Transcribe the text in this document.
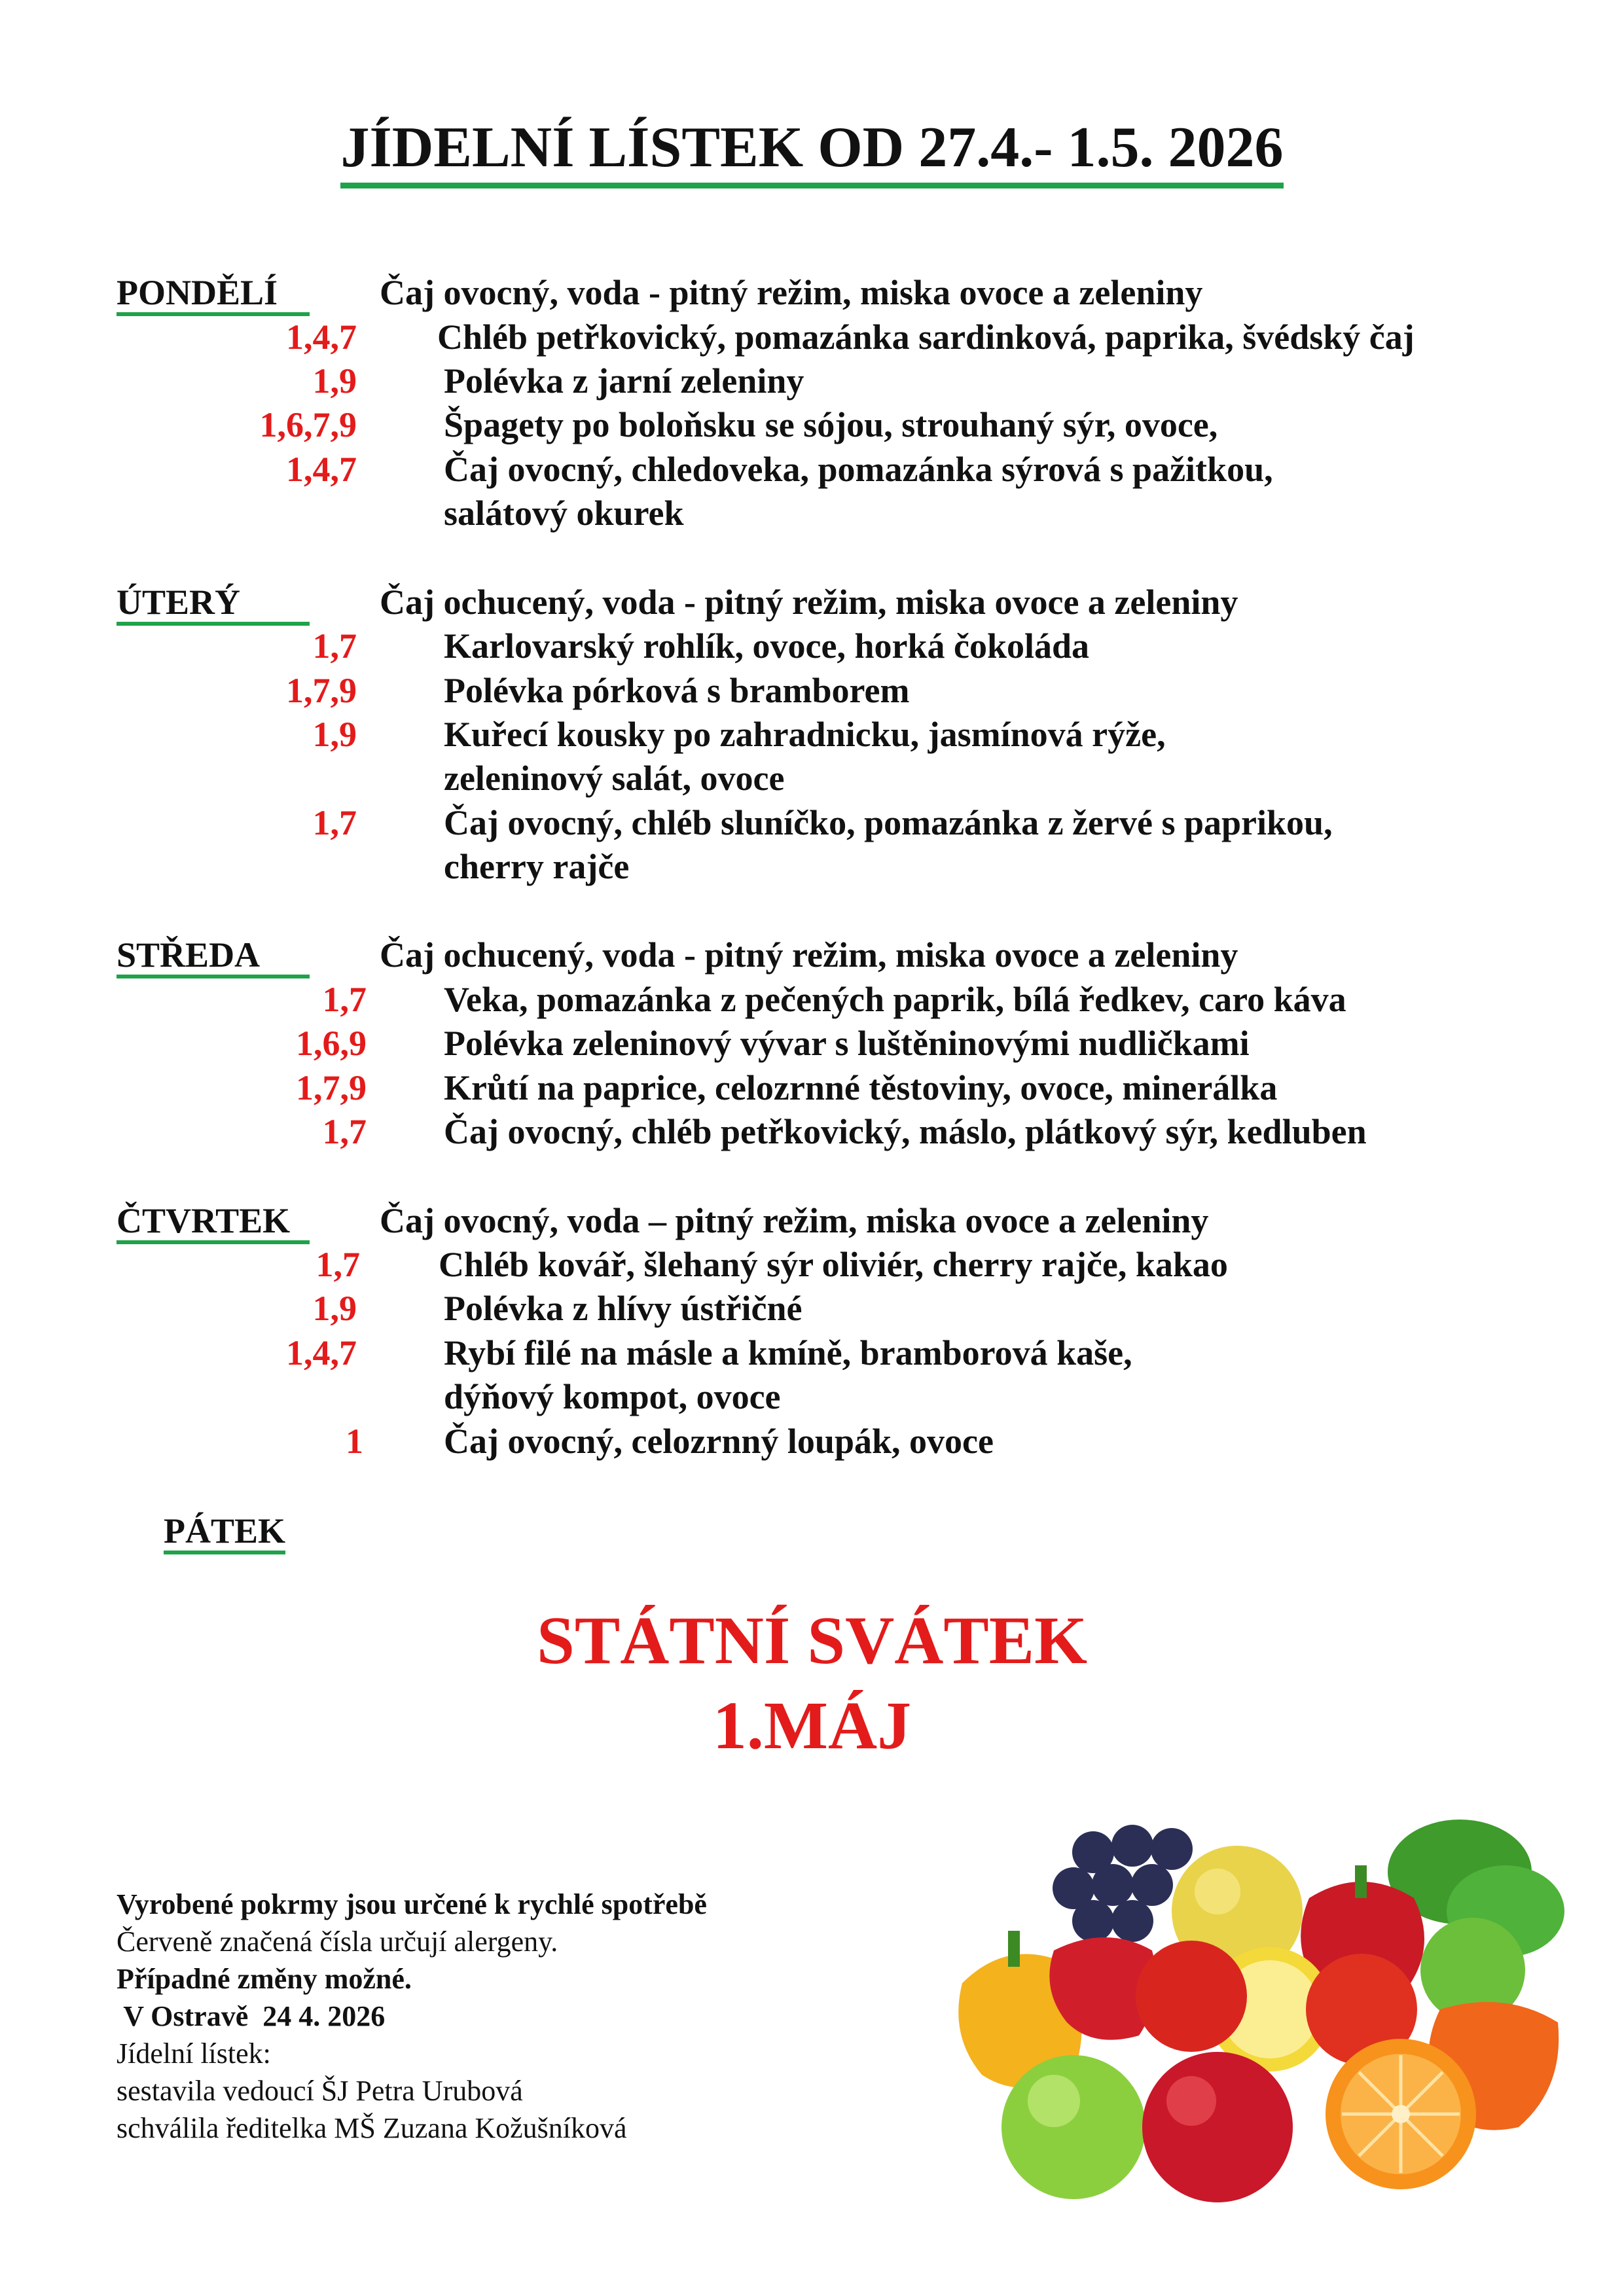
JÍDELNÍ LÍSTEK OD 27.4.- 1.5. 2026
PONDĚLÍ	Čaj ovocný, voda - pitný režim, miska ovoce a zeleniny
1,4,7 Chléb petřkovický, pomazánka sardinková, paprika, švédský čaj
1,9 Polévka z jarní zeleniny
1,6,7,9 Špagety po boloňsku se sójou, strouhaný sýr, ovoce,
1,4,7 Čaj ovocný, chledoveka, pomazánka sýrová s pažitkou,
salátový okurek
ÚTERÝ	Čaj ochucený, voda - pitný režim, miska ovoce a zeleniny
1,7 Karlovarský rohlík, ovoce, horká čokoláda
1,7,9 Polévka pórková s bramborem
1,9 Kuřecí kousky po zahradnicku, jasmínová rýže,
zeleninový salát, ovoce
1,7 Čaj ovocný, chléb sluníčko, pomazánka z žervé s paprikou,
cherry rajče
STŘEDA	Čaj ochucený, voda - pitný režim, miska ovoce a zeleniny
1,7 Veka, pomazánka z pečených paprik, bílá ředkev, caro káva
1,6,9 Polévka zeleninový vývar s luštěninovými nudličkami
1,7,9 Krůtí na paprice, celozrnné těstoviny, ovoce, minerálka
1,7 Čaj ovocný, chléb petřkovický, máslo, plátkový sýr, kedluben
ČTVRTEK	Čaj ovocný, voda – pitný režim, miska ovoce a zeleniny
1,7 Chléb kovář, šlehaný sýr oliviér, cherry rajče, kakao
1,9 Polévka z hlívy ústřičné
1,4,7 Rybí filé na másle a kmíně, bramborová kaše,
dýňový kompot, ovoce
1 Čaj ovocný, celozrnný loupák, ovoce
PÁTEK
STÁTNÍ SVÁTEK
1.MÁJ
Vyrobené pokrmy jsou určené k rychlé spotřebě
Červeně značená čísla určují alergeny.
Případné změny možné.
V Ostravě  24 4. 2026
Jídelní lístek:
sestavila vedoucí ŠJ Petra Urubová
schválila ředitelka MŠ Zuzana Kožušníková
